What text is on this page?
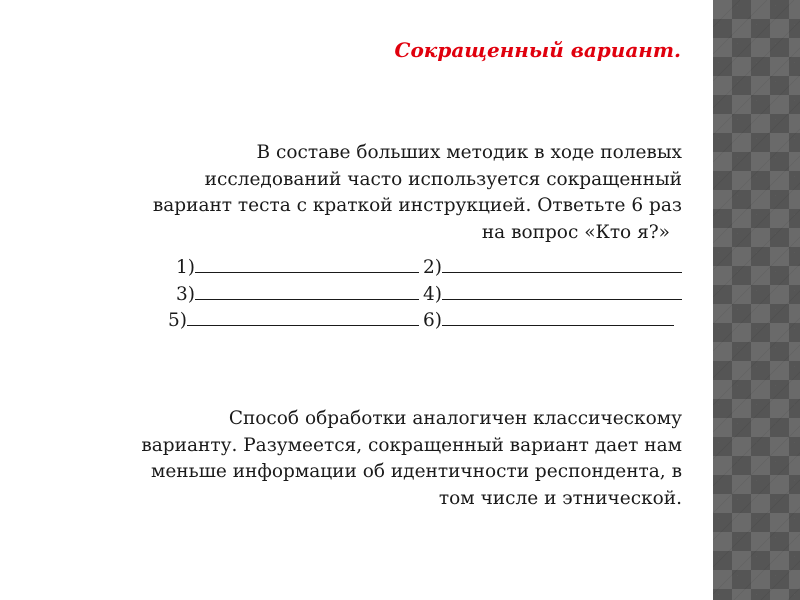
Сокращенный вариант.
В составе больших методик в ходе полевых
исследований часто используется сокращенный
вариант теста с краткой инструкцией. Ответьте 6 раз
на вопрос «Кто я?»
1)	2)
3)	4)
5)	6)
Способ обработки аналогичен классическому
варианту. Разумеется, сокращенный вариант дает нам
меньше информации об идентичности респондента, в
том числе и этнической.
